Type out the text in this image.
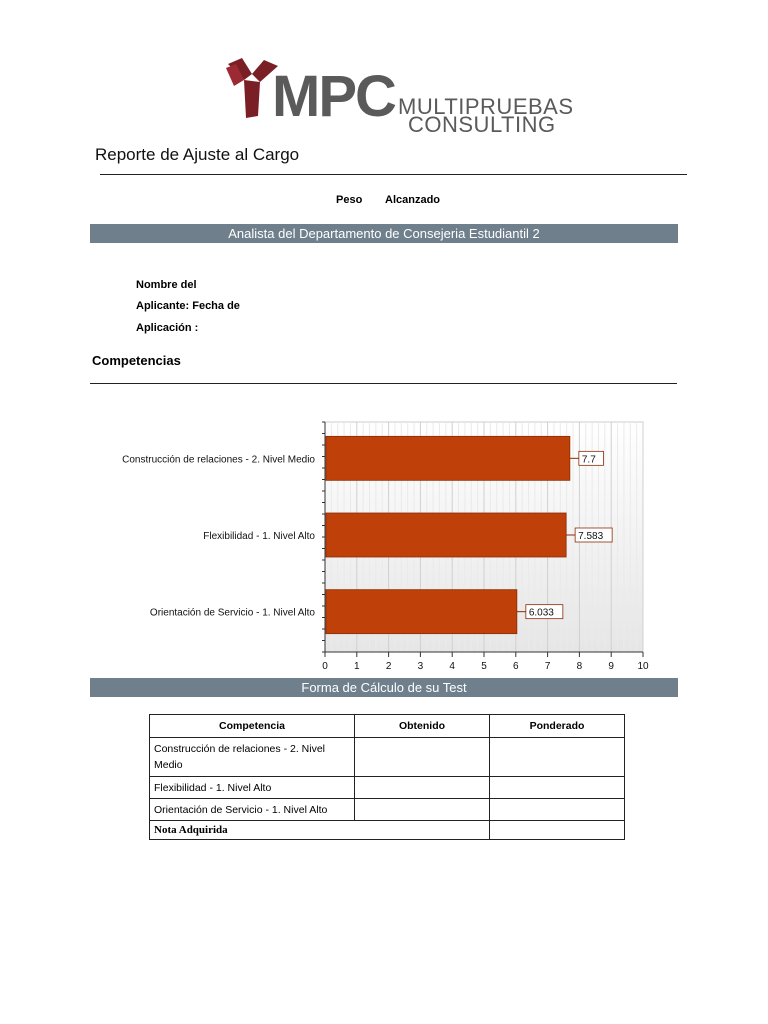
MPC MULTIPRUEBAS
CONSULTING
Reporte de Ajuste al Cargo
Peso Alcanzado
Analista del Departamento de Consejeria Estudiantil 2
Nombre del
Aplicante: Fecha de
Aplicación :
Competencias
0	1	2	3	4	5	6	7	8	9 10
Construcción de relaciones - 2. Nivel Medio
Flexibilidad - 1. Nivel Alto
Orientación de Servicio - 1. Nivel Alto
7.7
7.583
6.033
Forma de Cálculo de su Test
Competencia	Obtenido	Ponderado
Construcción de relaciones - 2. Nivel Medio		
Flexibilidad - 1. Nivel Alto		
Orientación de Servicio - 1. Nivel Alto		
Nota Adquirida		
